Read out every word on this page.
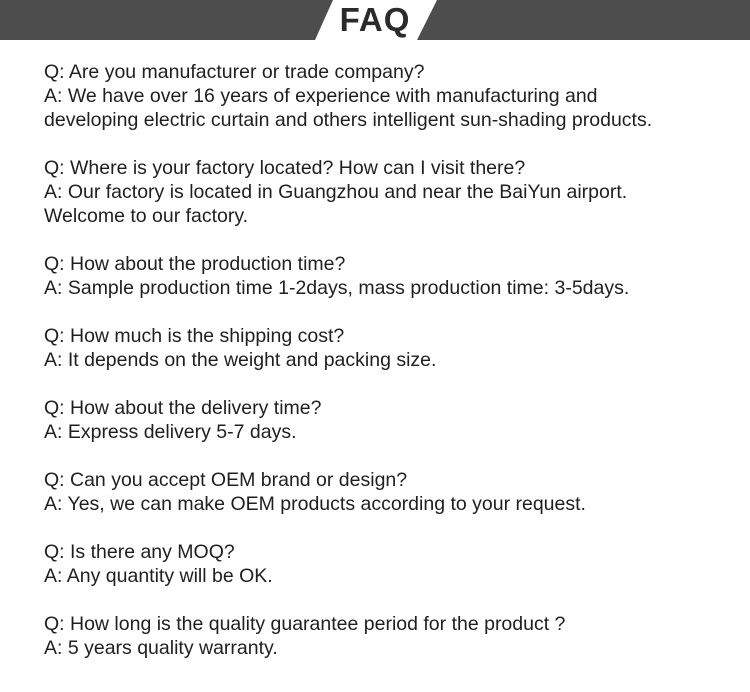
FAQ
Q: Are you manufacturer or trade company?
A: We have over 16 years of experience with manufacturing and
developing electric curtain and others intelligent sun-shading products.
Q: Where is your factory located? How can I visit there?
A: Our factory is located in Guangzhou and near the BaiYun airport.
Welcome to our factory.
Q: How about the production time?
A: Sample production time 1-2days, mass production time: 3-5days.
Q: How much is the shipping cost?
A: It depends on the weight and packing size.
Q: How about the delivery time?
A: Express delivery 5-7 days.
Q: Can you accept OEM brand or design?
A: Yes, we can make OEM products according to your request.
Q: Is there any MOQ?
A: Any quantity will be OK.
Q: How long is the quality guarantee period for the product ?
A: 5 years quality warranty.
